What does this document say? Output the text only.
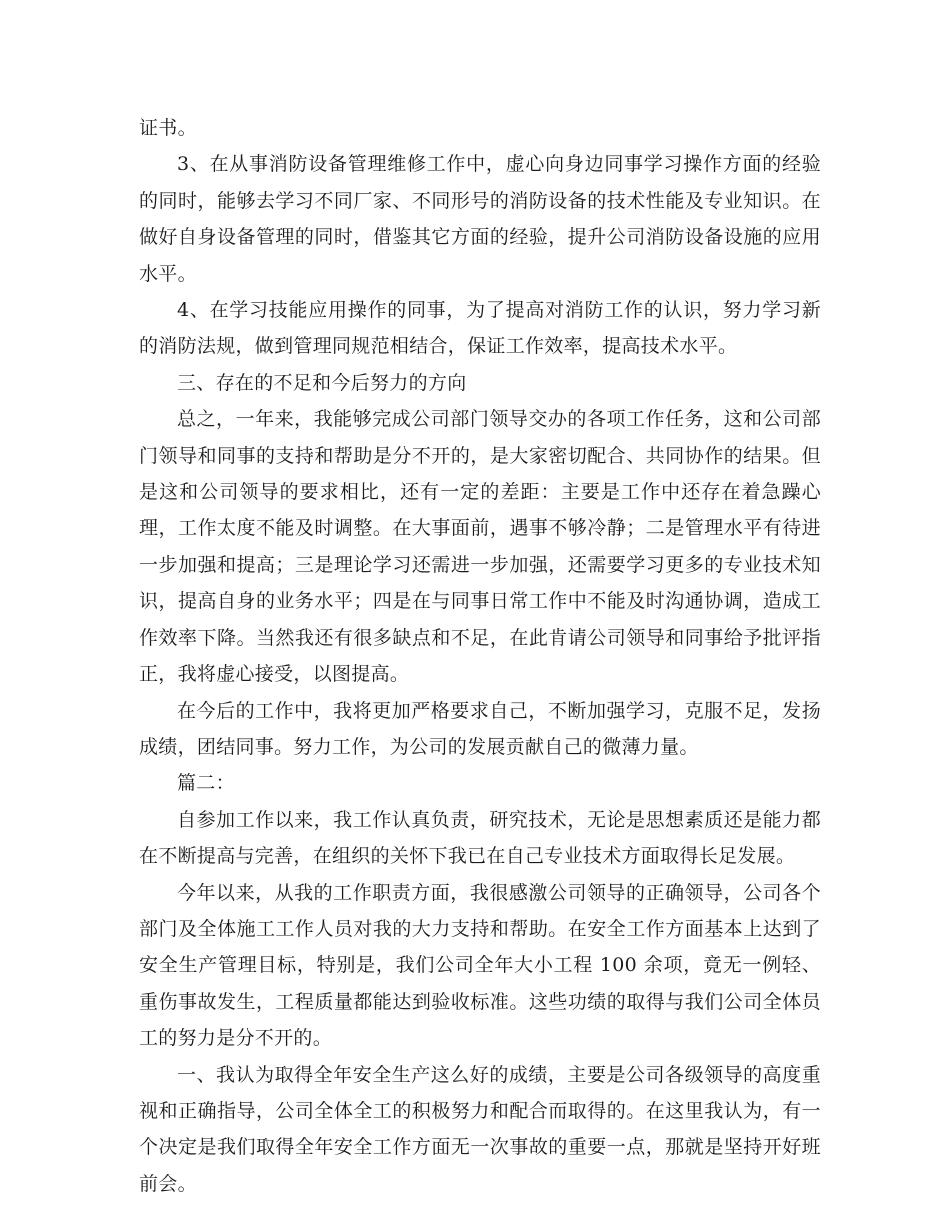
证书。

3、在从事消防设备管理维修工作中，虚心向身边同事学习操作方面的经验的同时，能够去学习不同厂家、不同形号的消防设备的技术性能及专业知识。在做好自身设备管理的同时，借鉴其它方面的经验，提升公司消防设备设施的应用水平。

4、在学习技能应用操作的同事，为了提高对消防工作的认识，努力学习新的消防法规，做到管理同规范相结合，保证工作效率，提高技术水平。

三、存在的不足和今后努力的方向

总之，一年来，我能够完成公司部门领导交办的各项工作任务，这和公司部门领导和同事的支持和帮助是分不开的，是大家密切配合、共同协作的结果。但是这和公司领导的要求相比，还有一定的差距：主要是工作中还存在着急躁心理，工作太度不能及时调整。在大事面前，遇事不够冷静；二是管理水平有待进一步加强和提高；三是理论学习还需进一步加强，还需要学习更多的专业技术知识，提高自身的业务水平；四是在与同事日常工作中不能及时沟通协调，造成工作效率下降。当然我还有很多缺点和不足，在此肯请公司领导和同事给予批评指正，我将虚心接受，以图提高。

在今后的工作中，我将更加严格要求自己，不断加强学习，克服不足，发扬成绩，团结同事。努力工作，为公司的发展贡献自己的微薄力量。

篇二：

自参加工作以来，我工作认真负责，研究技术，无论是思想素质还是能力都在不断提高与完善，在组织的关怀下我已在自己专业技术方面取得长足发展。

今年以来，从我的工作职责方面，我很感激公司领导的正确领导，公司各个部门及全体施工工作人员对我的大力支持和帮助。在安全工作方面基本上达到了安全生产管理目标，特别是，我们公司全年大小工程 100 余项，竟无一例轻、重伤事故发生，工程质量都能达到验收标准。这些功绩的取得与我们公司全体员工的努力是分不开的。

一、我认为取得全年安全生产这么好的成绩，主要是公司各级领导的高度重视和正确指导，公司全体全工的积极努力和配合而取得的。在这里我认为，有一个决定是我们取得全年安全工作方面无一次事故的重要一点，那就是坚持开好班前会。
